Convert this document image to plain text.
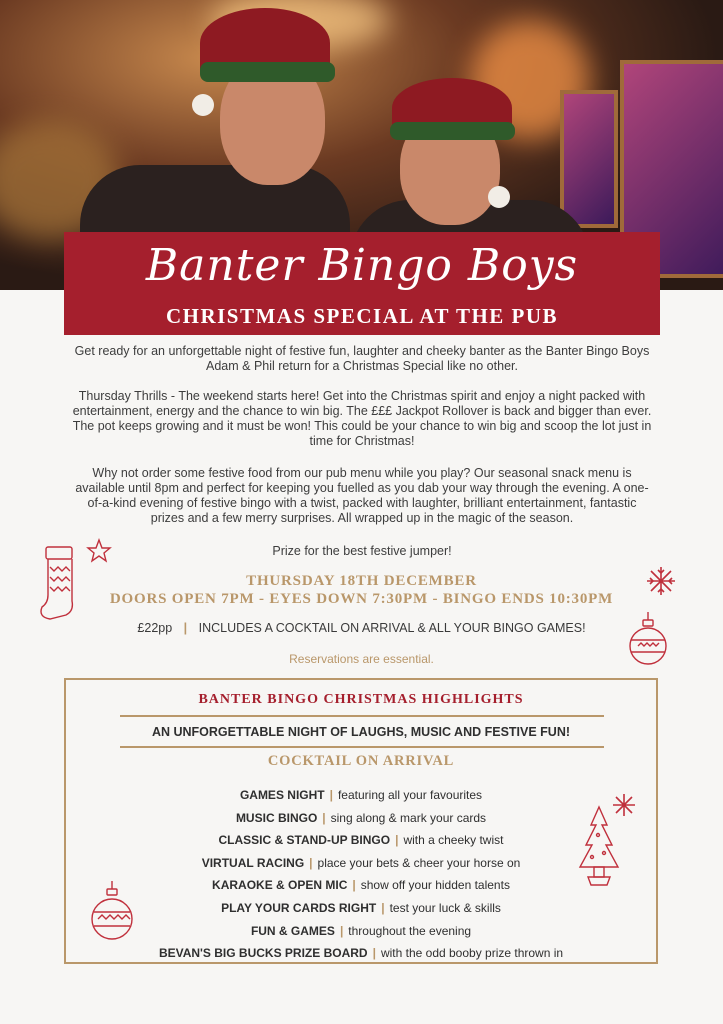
Banter Bingo Boys
CHRISTMAS SPECIAL AT THE PUB

Get ready for an unforgettable night of festive fun, laughter and cheeky banter as the Banter Bingo Boys Adam & Phil return for a Christmas Special like no other.

Thursday Thrills - The weekend starts here! Get into the Christmas spirit and enjoy a night packed with entertainment, energy and the chance to win big. The £££ Jackpot Rollover is back and bigger than ever. The pot keeps growing and it must be won! This could be your chance to win big and scoop the lot just in time for Christmas!

Why not order some festive food from our pub menu while you play? Our seasonal snack menu is available until 8pm and perfect for keeping you fuelled as you dab your way through the evening. A one-of-a-kind evening of festive bingo with a twist, packed with laughter, brilliant entertainment, fantastic prizes and a few merry surprises. All wrapped up in the magic of the season.

Prize for the best festive jumper!

THURSDAY 18TH DECEMBER

DOORS OPEN 7PM - EYES DOWN 7:30PM - BINGO ENDS 10:30PM

£22pp | INCLUDES A COCKTAIL ON ARRIVAL & ALL YOUR BINGO GAMES!
Reservations are essential.
BANTER BINGO CHRISTMAS HIGHLIGHTS
AN UNFORGETTABLE NIGHT OF LAUGHS, MUSIC AND FESTIVE FUN!
COCKTAIL ON ARRIVAL
GAMES NIGHT | featuring all your favourites
MUSIC BINGO | sing along & mark your cards
CLASSIC & STAND-UP BINGO | with a cheeky twist
VIRTUAL RACING | place your bets & cheer your horse on
KARAOKE & OPEN MIC | show off your hidden talents
PLAY YOUR CARDS RIGHT | test your luck & skills
FUN & GAMES | throughout the evening
BEVAN'S BIG BUCKS PRIZE BOARD | with the odd booby prize thrown in
